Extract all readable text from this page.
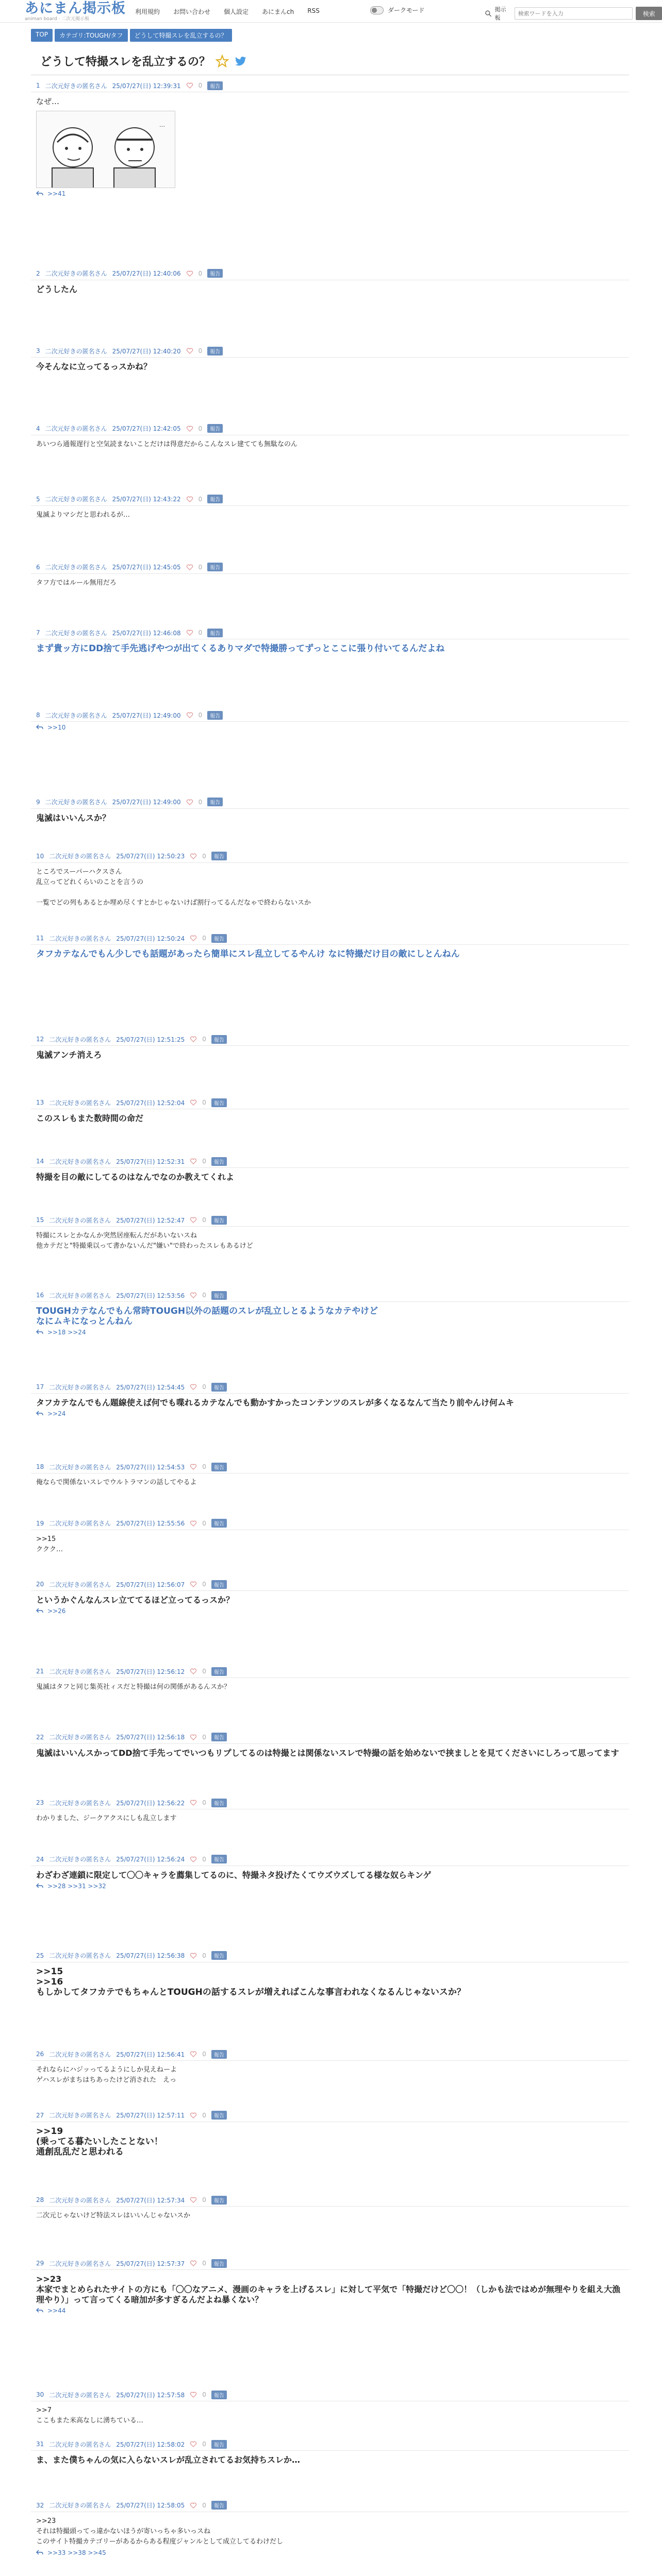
あにまん掲示板
animan board · 二次元掲示板
利用規約 お問い合わせ 個人設定 あにまんch RSS	ダークモード	掲示板
検索ワードを入力
検索
TOP	カテゴリ:TOUGH/タフ	どうして特撮スレを乱立するの？
どうして特撮スレを乱立するの？
1 二次元好きの匿名さん 25/07/27(日) 12:39:31	0	報告
なぜ…
…
>>41
2 二次元好きの匿名さん 25/07/27(日) 12:40:06	0	報告
どうしたん
3 二次元好きの匿名さん 25/07/27(日) 12:40:20	0	報告
今そんなに立ってるっスかね？
4 二次元好きの匿名さん 25/07/27(日) 12:42:05	0	報告
あいつら通報遅行と空気読まないことだけは得意だからこんなスレ建てても無駄なのん
5 二次元好きの匿名さん 25/07/27(日) 12:43:22	0	報告
鬼滅よりマシだと思われるが…
6 二次元好きの匿名さん 25/07/27(日) 12:45:05	0	報告
タフ方ではルール無用だろ
7 二次元好きの匿名さん 25/07/27(日) 12:46:08	0	報告
まず貴ッ方にDD捨て手先逃げやつが出てくるありマダで特撮勝ってずっとここに張り付いてるんだよね
8 二次元好きの匿名さん 25/07/27(日) 12:49:00	0	報告
>>10
9 二次元好きの匿名さん 25/07/27(日) 12:49:00	0	報告
鬼滅はいいんスか？
10 二次元好きの匿名さん 25/07/27(日) 12:50:23	0	報告
ところでスーパーハクスさん
乱立ってどれくらいのことを言うの

一覧でどの列もあるとか埋め尽くすとかじゃないけば割行ってるんだなゃで終わらないスか
11 二次元好きの匿名さん 25/07/27(日) 12:50:24	0	報告
タフカテなんでもん少しでも話題があったら簡単にスレ乱立してるやんけ なに特撮だけ目の敵にしとんねん
12 二次元好きの匿名さん 25/07/27(日) 12:51:25	0	報告
鬼滅アンチ消えろ
13 二次元好きの匿名さん 25/07/27(日) 12:52:04	0	報告
このスレもまた数時間の命だ
14 二次元好きの匿名さん 25/07/27(日) 12:52:31	0	報告
特撮を目の敵にしてるのはなんでなのか教えてくれよ
15 二次元好きの匿名さん 25/07/27(日) 12:52:47	0	報告
特撮にスレとかなんか突然居座転んだがあいないスね
他カテだと"特撮乗以って書かないんだ"嫌い"で終わったスレもあるけど
16 二次元好きの匿名さん 25/07/27(日) 12:53:56	0	報告
TOUGHカテなんでもん常時TOUGH以外の話題のスレが乱立しとるようなカテやけど
なにムキになっとんねん
>>18 >>24
17 二次元好きの匿名さん 25/07/27(日) 12:54:45	0	報告
タフカテなんでもん題線使えば何でも喋れるカテなんでも動かすかったコンテンツのスレが多くなるなんて当たり前やんけ何ムキ
>>24
18 二次元好きの匿名さん 25/07/27(日) 12:54:53	0	報告
俺ならで関係ないスレでウルトラマンの話してやるよ
19 二次元好きの匿名さん 25/07/27(日) 12:55:56	0	報告
>>15
ククク…
20 二次元好きの匿名さん 25/07/27(日) 12:56:07	0	報告
というかぐんなんスレ立ててるほど立ってるっスか？
>>26
21 二次元好きの匿名さん 25/07/27(日) 12:56:12	0	報告
鬼滅はタフと同じ集英社ィスだと特撮は何の関係があるんスか？
22 二次元好きの匿名さん 25/07/27(日) 12:56:18	0	報告
鬼滅はいいんスかってDD捨て手先ってでいつもリプしてるのは特撮とは関係ないスレで特撮の話を始めないで挟ましとを見てくださいにしろって思ってます
23 二次元好きの匿名さん 25/07/27(日) 12:56:22	0	報告
わかりました、ジークアクスにしも乱立します
24 二次元好きの匿名さん 25/07/27(日) 12:56:24	0	報告
わざわざ連鎖に限定して〇〇キャラを薦集してるのに、特撮ネタ投げたくてウズウズしてる様な奴らキンゲ
>>28 >>31 >>32
25 二次元好きの匿名さん 25/07/27(日) 12:56:38	0	報告
>>15
>>16
もしかしてタフカテでもちゃんとTOUGHの話するスレが増えればこんな事言われなくなるんじゃないスか？
26 二次元好きの匿名さん 25/07/27(日) 12:56:41	0	報告
それならにハジッってるようにしか見えねーよ
ゲハスレがまちはちあったけど消された　えっ
27 二次元好きの匿名さん 25/07/27(日) 12:57:11	0	報告
>>19
(乗ってる暮たいしたことない！
通創乱乱だと思われる
28 二次元好きの匿名さん 25/07/27(日) 12:57:34	0	報告
二次元じゃないけど特法スレはいいんじゃないスか
29 二次元好きの匿名さん 25/07/27(日) 12:57:37	0	報告
>>23
本家でまとめられたサイトの方にも「〇〇なアニメ、漫画のキャラを上げるスレ」に対して平気で「特撮だけど〇〇！（しかも法ではめが無理やりを組え大漁理やり）」って言ってくる暗加が多すぎるんだよね暴くない？
>>44
30 二次元好きの匿名さん 25/07/27(日) 12:57:58	0	報告
>>7
ここもまた米高なしに湧ちている…
31 二次元好きの匿名さん 25/07/27(日) 12:58:02	0	報告
ま、また僕ちゃんの気に入らないスレが乱立されてるお気持ちスレか…
32 二次元好きの匿名さん 25/07/27(日) 12:58:05	0	報告
>>23
それは特撮頭ってっ違かないほうが寄いっちゃ多いっスね
このサイト特撮カテゴリーがあるからある程度ジャンルとして成立してるわけだし
>>33 >>38 >>45
